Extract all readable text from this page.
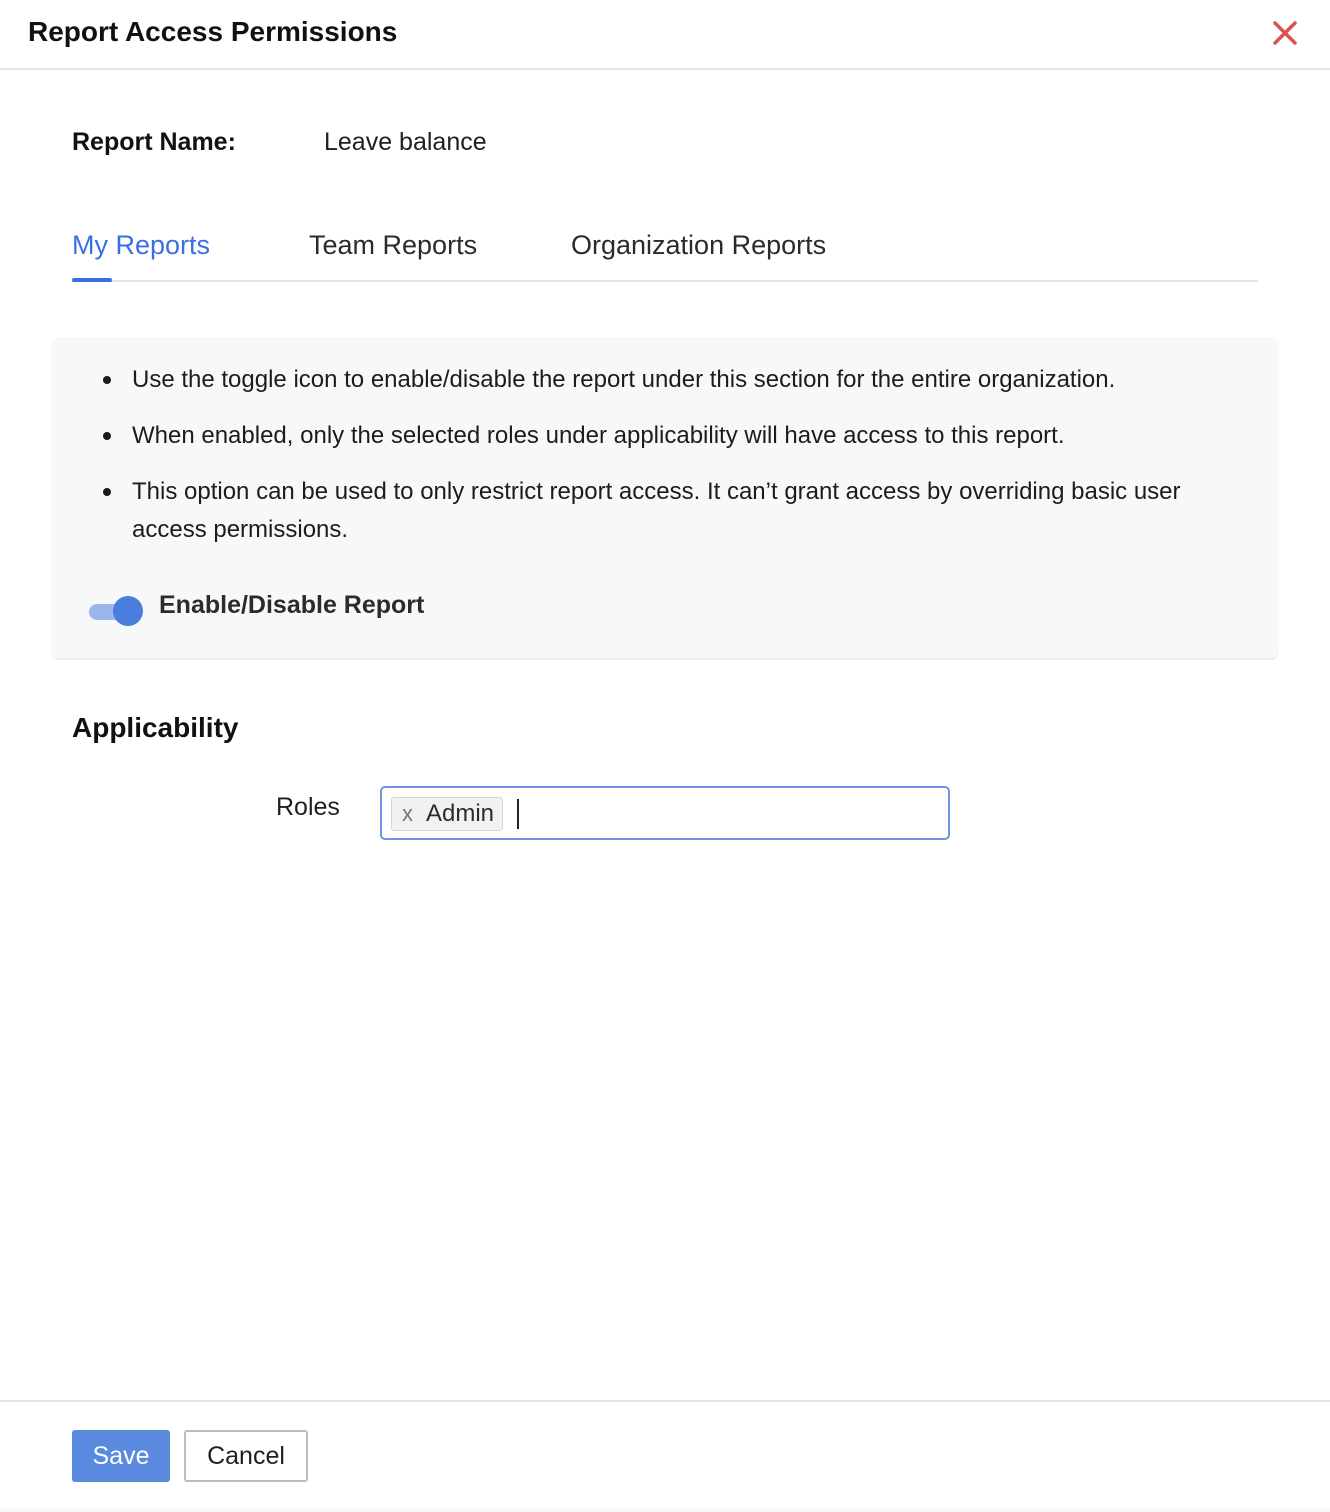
Report Access Permissions
Report Name:	Leave balance
My Reports	Team Reports	Organization Reports
Use the toggle icon to enable/disable the report under this section for the entire organization.
When enabled, only the selected roles under applicability will have access to this report.
This option can be used to only restrict report access. It can’t grant access by overriding basic user access permissions.
Enable/Disable Report
Applicability
Roles	x Admin
Save	Cancel
